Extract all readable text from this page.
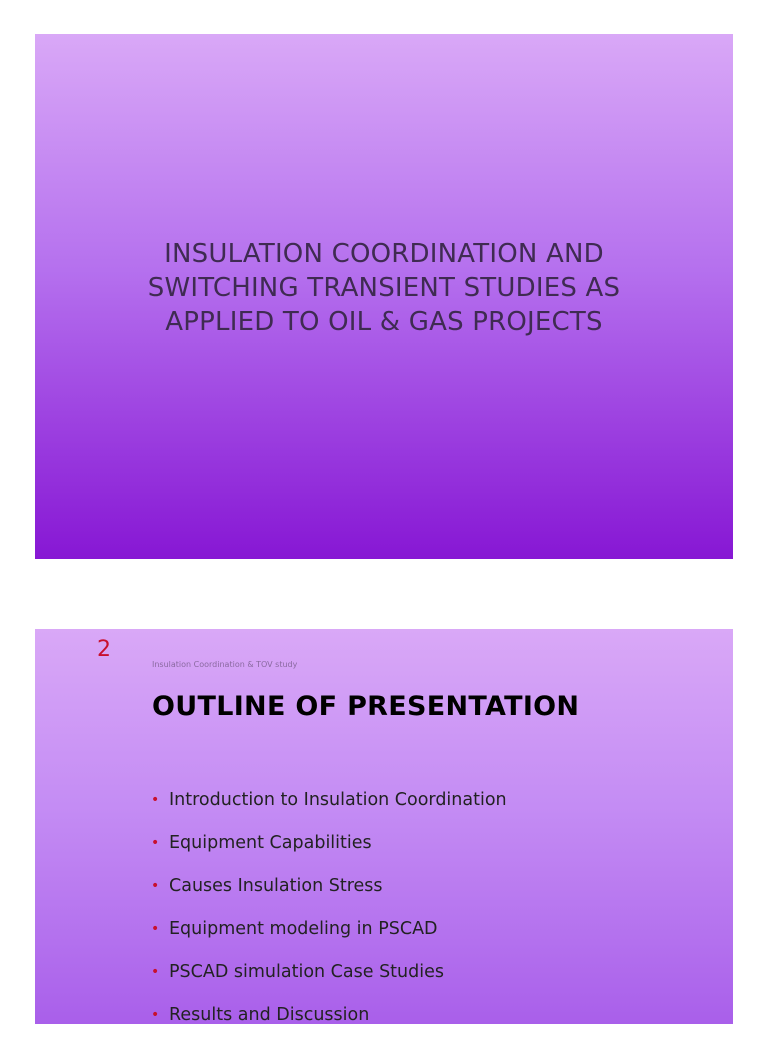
INSULATION COORDINATION AND SWITCHING TRANSIENT STUDIES AS APPLIED TO OIL & GAS PROJECTS
2
Insulation Coordination & TOV study
OUTLINE OF PRESENTATION
• Introduction to Insulation Coordination
• Equipment Capabilities
• Causes Insulation Stress
• Equipment modeling in PSCAD
• PSCAD simulation Case Studies
• Results and Discussion
